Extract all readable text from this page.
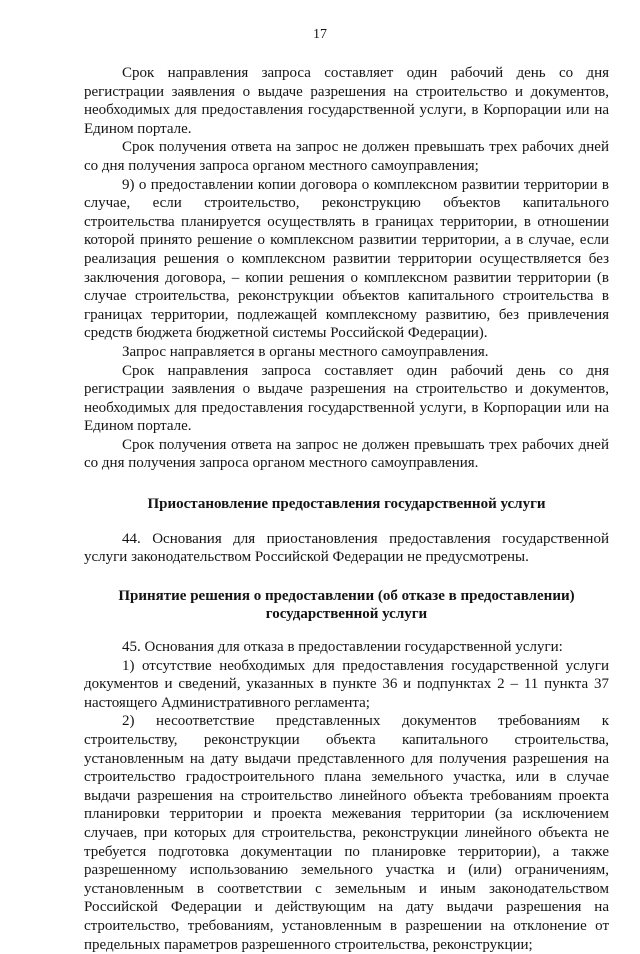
17

Срок направления запроса составляет один рабочий день со дня регистрации заявления о выдаче разрешения на строительство и документов, необходимых для предоставления государственной услуги, в Корпорации или на Едином портале.

Срок получения ответа на запрос не должен превышать трех рабочих дней со дня получения запроса органом местного самоуправления;

9) о предоставлении копии договора о комплексном развитии территории в случае, если строительство, реконструкцию объектов капитального строительства планируется осуществлять в границах территории, в отношении которой принято решение о комплексном развитии территории, а в случае, если реализация решения о комплексном развитии территории осуществляется без заключения договора, – копии решения о комплексном развитии территории (в случае строительства, реконструкции объектов капитального строительства в границах территории, подлежащей комплексному развитию, без привлечения средств бюджета бюджетной системы Российской Федерации).

Запрос направляется в органы местного самоуправления.

Срок направления запроса составляет один рабочий день со дня регистрации заявления о выдаче разрешения на строительство и документов, необходимых для предоставления государственной услуги, в Корпорации или на Едином портале.

Срок получения ответа на запрос не должен превышать трех рабочих дней со дня получения запроса органом местного самоуправления.

Приостановление предоставления государственной услуги

44. Основания для приостановления предоставления государственной услуги законодательством Российской Федерации не предусмотрены.

Принятие решения о предоставлении (об отказе в предоставлении)
государственной услуги

45. Основания для отказа в предоставлении государственной услуги:

1) отсутствие необходимых для предоставления государственной услуги документов и сведений, указанных в пункте 36 и подпунктах 2 – 11 пункта 37 настоящего Административного регламента;

2) несоответствие представленных документов требованиям к строительству, реконструкции объекта капитального строительства, установленным на дату выдачи представленного для получения разрешения на строительство градостроительного плана земельного участка, или в случае выдачи разрешения на строительство линейного объекта требованиям проекта планировки территории и проекта межевания территории (за исключением случаев, при которых для строительства, реконструкции линейного объекта не требуется подготовка документации по планировке территории), а также разрешенному использованию земельного участка и (или) ограничениям, установленным в соответствии с земельным и иным законодательством Российской Федерации и действующим на дату выдачи разрешения на строительство, требованиям, установленным в разрешении на отклонение от предельных параметров разрешенного строительства, реконструкции;
